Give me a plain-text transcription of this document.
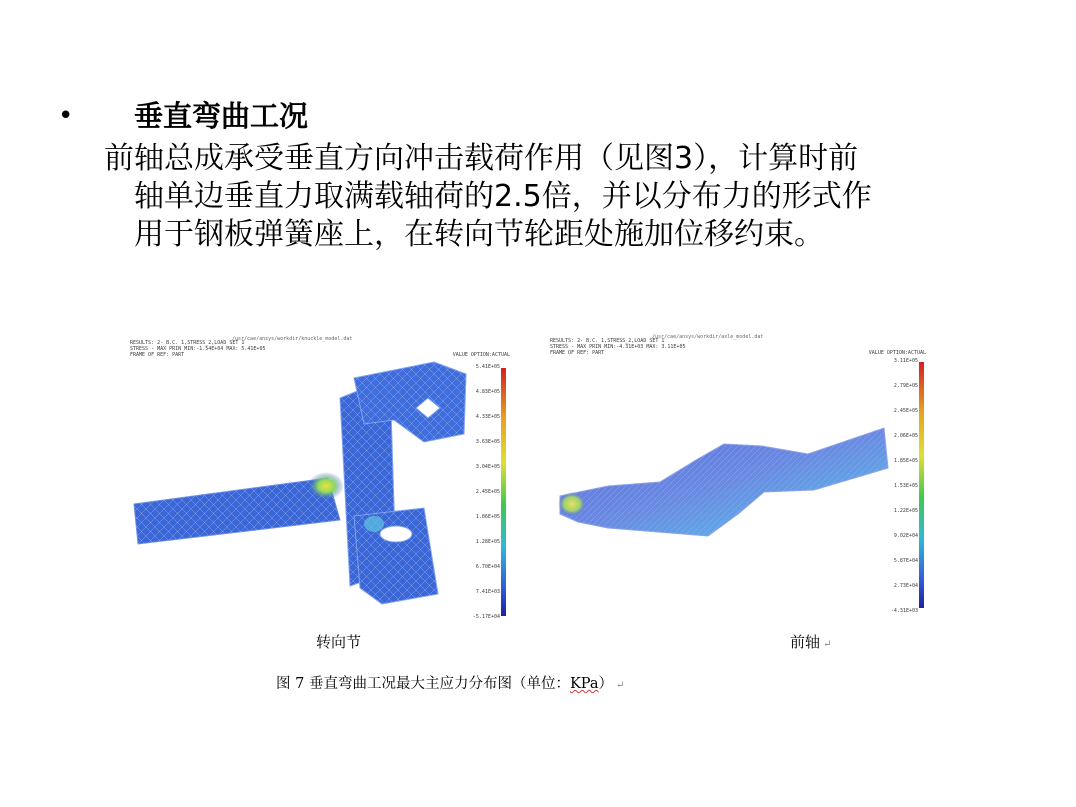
• 垂直弯曲工况
前轴总成承受垂直方向冲击载荷作用（见图3），计算时前
轴单边垂直力取满载轴荷的2.5倍，并以分布力的形式作
用于钢板弹簧座上，在转向节轮距处施加位移约束。
/usr/cae/ansys/workdir/knuckle_model.dat
RESULTS: 2- B.C. 1,STRESS_2,LOAD SET 1
STRESS - MAX PRIN MIN:-1.54E+04 MAX: 5.41E+05
FRAME OF REF: PART	VALUE OPTION:ACTUAL
5.41E+05
4.83E+05
4.33E+05
3.63E+05
3.04E+05
2.45E+05
1.86E+05
1.28E+05
6.70E+04
7.41E+03
-5.17E+04
/usr/cae/ansys/workdir/axle_model.dat
RESULTS: 2- B.C. 1,STRESS_2,LOAD SET 1
STRESS - MAX PRIN MIN:-4.31E+03 MAX: 3.11E+05
FRAME OF REF: PART	VALUE OPTION:ACTUAL
3.11E+05
2.79E+05
2.45E+05
2.06E+05
1.85E+05
1.53E+05
1.22E+05
9.02E+04
5.87E+04
2.73E+04
-4.31E+03
转向节	前轴 ↵
图 7 垂直弯曲工况最大主应力分布图（单位：KPa） ↵
